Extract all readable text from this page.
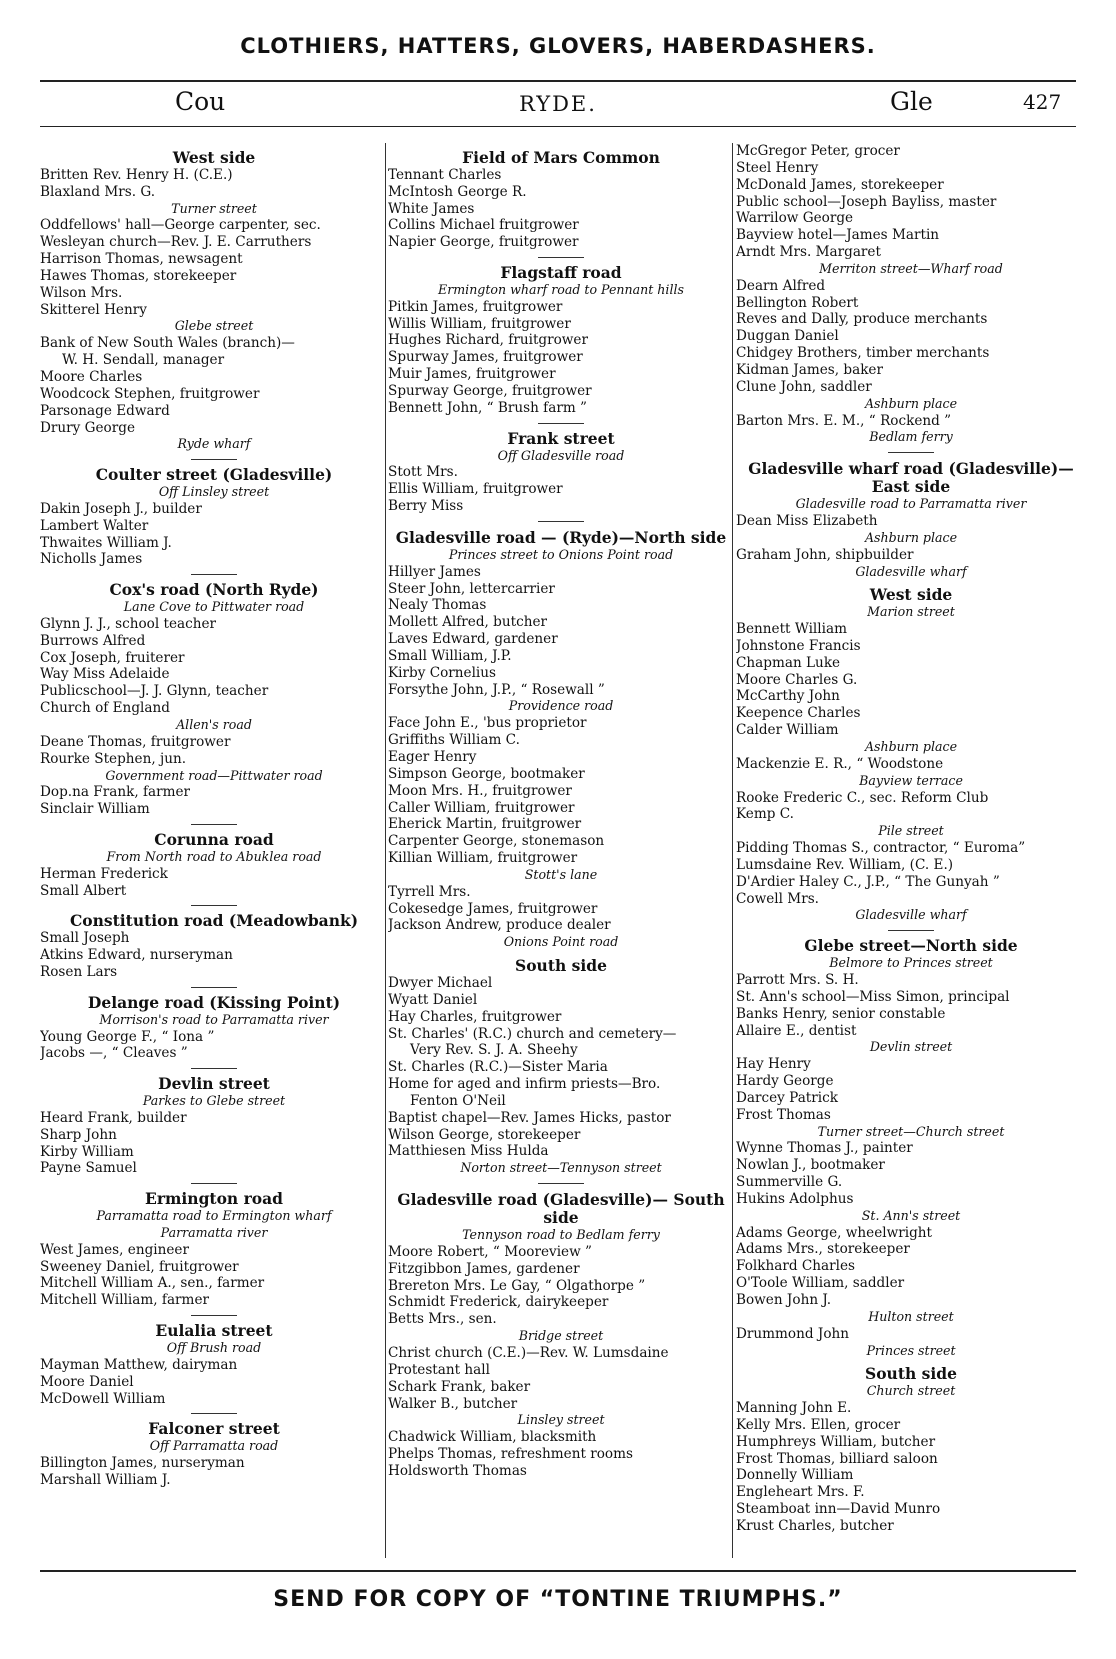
CLOTHIERS, HATTERS, GLOVERS, HABERDASHERS.
Cou	RYDE.	Gle	427
West side
Britten Rev. Henry H. (C.E.)
Blaxland Mrs. G.
Turner street
Oddfellows' hall—George carpenter, sec.
Wesleyan church—Rev. J. E. Carruthers
Harrison Thomas, newsagent
Hawes Thomas, storekeeper
Wilson Mrs.
Skitterel Henry
Glebe street
Bank of New South Wales (branch)—
W. H. Sendall, manager
Moore Charles
Woodcock Stephen, fruitgrower
Parsonage Edward
Drury George
Ryde wharf
Coulter street (Gladesville)
Off Linsley street
Dakin Joseph J., builder
Lambert Walter
Thwaites William J.
Nicholls James
Cox's road (North Ryde)
Lane Cove to Pittwater road
Glynn J. J., school teacher
Burrows Alfred
Cox Joseph, fruiterer
Way Miss Adelaide
Publicschool—J. J. Glynn, teacher
Church of England
Allen's road
Deane Thomas, fruitgrower
Rourke Stephen, jun.
Government road—Pittwater road
Dop.na Frank, farmer
Sinclair William
Corunna road
From North road to Abuklea road
Herman Frederick
Small Albert
Constitution road (Meadowbank)
Small Joseph
Atkins Edward, nurseryman
Rosen Lars
Delange road (Kissing Point)
Morrison's road to Parramatta river
Young George F., “ Iona ”
Jacobs —, “ Cleaves ”
Devlin street
Parkes to Glebe street
Heard Frank, builder
Sharp John
Kirby William
Payne Samuel
Ermington road
Parramatta road to Ermington wharf
Parramatta river
West James, engineer
Sweeney Daniel, fruitgrower
Mitchell William A., sen., farmer
Mitchell William, farmer
Eulalia street
Off Brush road
Mayman Matthew, dairyman
Moore Daniel
McDowell William
Falconer street
Off Parramatta road
Billington James, nurseryman
Marshall William J.
Field of Mars Common
Tennant Charles
McIntosh George R.
White James
Collins Michael fruitgrower
Napier George, fruitgrower
Flagstaff road
Ermington wharf road to Pennant hills
Pitkin James, fruitgrower
Willis William, fruitgrower
Hughes Richard, fruitgrower
Spurway James, fruitgrower
Muir James, fruitgrower
Spurway George, fruitgrower
Bennett John, “ Brush farm ”
Frank street
Off Gladesville road
Stott Mrs.
Ellis William, fruitgrower
Berry Miss
Gladesville road — (Ryde)—North side
Princes street to Onions Point road
Hillyer James
Steer John, lettercarrier
Nealy Thomas
Mollett Alfred, butcher
Laves Edward, gardener
Small William, J.P.
Kirby Cornelius
Forsythe John, J.P., “ Rosewall ”
Providence road
Face John E., 'bus proprietor
Griffiths William C.
Eager Henry
Simpson George, bootmaker
Moon Mrs. H., fruitgrower
Caller William, fruitgrower
Eherick Martin, fruitgrower
Carpenter George, stonemason
Killian William, fruitgrower
Stott's lane
Tyrrell Mrs.
Cokesedge James, fruitgrower
Jackson Andrew, produce dealer
Onions Point road
South side
Dwyer Michael
Wyatt Daniel
Hay Charles, fruitgrower
St. Charles' (R.C.) church and cemetery—
Very Rev. S. J. A. Sheehy
St. Charles (R.C.)—Sister Maria
Home for aged and infirm priests—Bro.
Fenton O'Neil
Baptist chapel—Rev. James Hicks, pastor
Wilson George, storekeeper
Matthiesen Miss Hulda
Norton street—Tennyson street
Gladesville road (Gladesville)— South side
Tennyson road to Bedlam ferry
Moore Robert, “ Mooreview ”
Fitzgibbon James, gardener
Brereton Mrs. Le Gay, “ Olgathorpe ”
Schmidt Frederick, dairykeeper
Betts Mrs., sen.
Bridge street
Christ church (C.E.)—Rev. W. Lumsdaine
Protestant hall
Schark Frank, baker
Walker B., butcher
Linsley street
Chadwick William, blacksmith
Phelps Thomas, refreshment rooms
Holdsworth Thomas
McGregor Peter, grocer
Steel Henry
McDonald James, storekeeper
Public school—Joseph Bayliss, master
Warrilow George
Bayview hotel—James Martin
Arndt Mrs. Margaret
Merriton street—Wharf road
Dearn Alfred
Bellington Robert
Reves and Dally, produce merchants
Duggan Daniel
Chidgey Brothers, timber merchants
Kidman James, baker
Clune John, saddler
Ashburn place
Barton Mrs. E. M., “ Rockend ”
Bedlam ferry
Gladesville wharf road (Gladesville)—East side
Gladesville road to Parramatta river
Dean Miss Elizabeth
Ashburn place
Graham John, shipbuilder
Gladesville wharf
West side
Marion street
Bennett William
Johnstone Francis
Chapman Luke
Moore Charles G.
McCarthy John
Keepence Charles
Calder William
Ashburn place
Mackenzie E. R., “ Woodstone
Bayview terrace
Rooke Frederic C., sec. Reform Club
Kemp C.
Pile street
Pidding Thomas S., contractor, “ Euroma”
Lumsdaine Rev. William, (C. E.)
D'Ardier Haley C., J.P., “ The Gunyah ”
Cowell Mrs.
Gladesville wharf
Glebe street—North side
Belmore to Princes street
Parrott Mrs. S. H.
St. Ann's school—Miss Simon, principal
Banks Henry, senior constable
Allaire E., dentist
Devlin street
Hay Henry
Hardy George
Darcey Patrick
Frost Thomas
Turner street—Church street
Wynne Thomas J., painter
Nowlan J., bootmaker
Summerville G.
Hukins Adolphus
St. Ann's street
Adams George, wheelwright
Adams Mrs., storekeeper
Folkhard Charles
O'Toole William, saddler
Bowen John J.
Hulton street
Drummond John
Princes street
South side
Church street
Manning John E.
Kelly Mrs. Ellen, grocer
Humphreys William, butcher
Frost Thomas, billiard saloon
Donnelly William
Engleheart Mrs. F.
Steamboat inn—David Munro
Krust Charles, butcher
SEND FOR COPY OF “TONTINE TRIUMPHS.”
